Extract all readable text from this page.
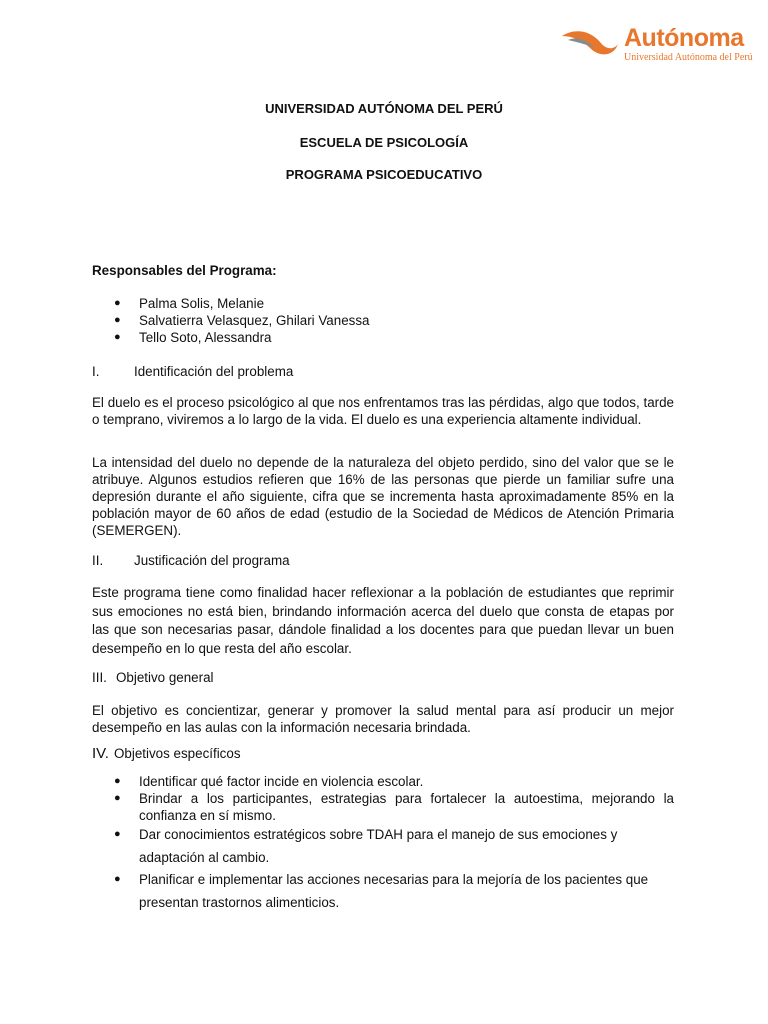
Autónoma
Universidad Autónoma del Perú
UNIVERSIDAD AUTÓNOMA DEL PERÚ
ESCUELA DE PSICOLOGÍA
PROGRAMA PSICOEDUCATIVO
Responsables del Programa:
● Palma Solis, Melanie
● Salvatierra Velasquez, Ghilari Vanessa
● Tello Soto, Alessandra
I.	Identificación del problema
El duelo es el proceso psicológico al que nos enfrentamos tras las pérdidas, algo que todos, tarde o temprano, viviremos a lo largo de la vida. El duelo es una experiencia altamente individual.
La intensidad del duelo no depende de la naturaleza del objeto perdido, sino del valor que se le atribuye. Algunos estudios refieren que 16% de las personas que pierde un familiar sufre una depresión durante el año siguiente, cifra que se incrementa hasta aproximadamente 85% en la población mayor de 60 años de edad (estudio de la Sociedad de Médicos de Atención Primaria (SEMERGEN).
II. Justificación del programa
Este programa tiene como finalidad hacer reflexionar a la población de estudiantes que reprimir sus emociones no está bien, brindando información acerca del duelo que consta de etapas por las que son necesarias pasar, dándole finalidad a los docentes para que puedan llevar un buen desempeño en lo que resta del año escolar.
III. Objetivo general
El objetivo es concientizar, generar y promover la salud mental para así producir un mejor desempeño en las aulas con la información necesaria brindada.
IV. Objetivos específicos
● Identificar qué factor incide en violencia escolar.
● Brindar a los participantes, estrategias para fortalecer la autoestima, mejorando la confianza en sí mismo.
● Dar conocimientos estratégicos sobre TDAH para el manejo de sus emociones y adaptación al cambio.
● Planificar e implementar las acciones necesarias para la mejoría de los pacientes que presentan trastornos alimenticios.
